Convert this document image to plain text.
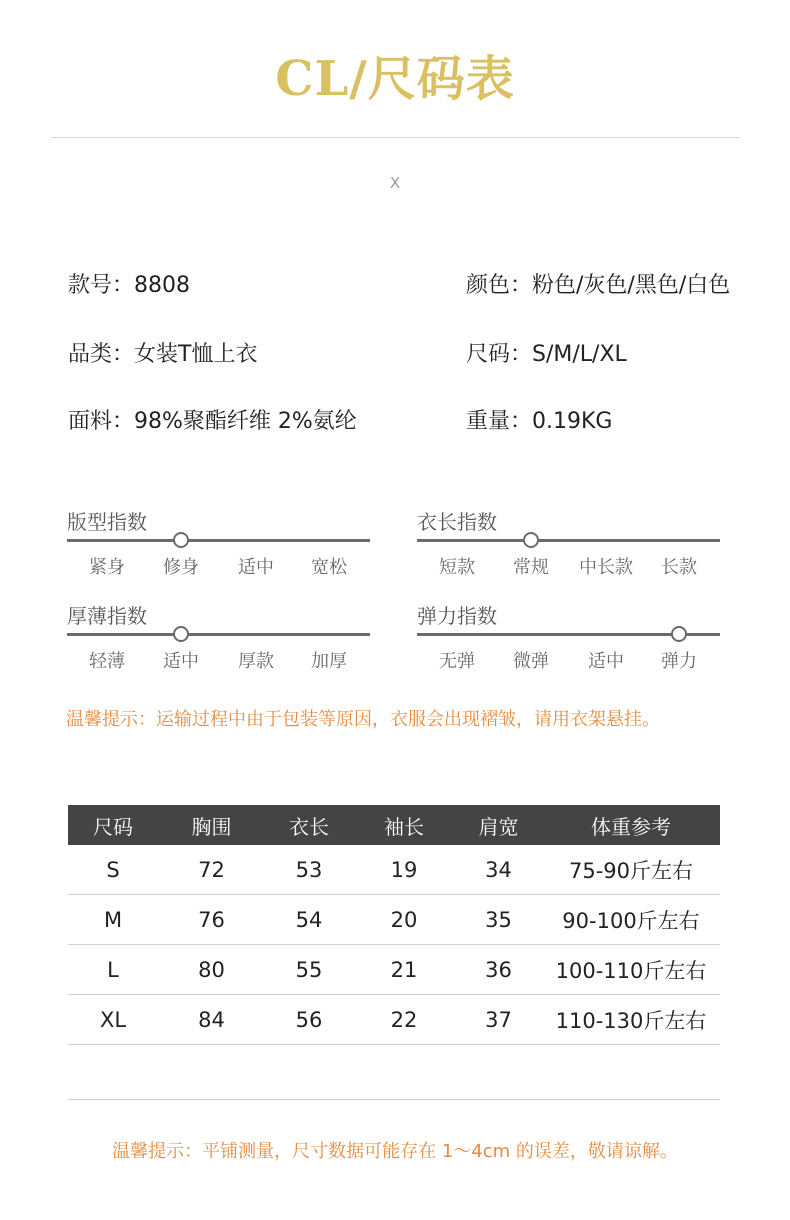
CL/尺码表
X
款号：8808	颜色：粉色/灰色/黑色/白色
品类：女装T恤上衣	尺码：S/M/L/XL
面料：98%聚酯纤维 2%氨纶	重量：0.19KG
版型指数
紧身	修身	适中	宽松
衣长指数
短款	常规	中长款	长款
厚薄指数
轻薄	适中	厚款	加厚
弹力指数
无弹	微弹	适中	弹力
温馨提示：运输过程中由于包装等原因，衣服会出现褶皱，请用衣架悬挂。
尺码	胸围	衣长	袖长	肩宽	体重参考
S	72	53	19	34	75-90斤左右
M	76	54	20	35	90-100斤左右
L	80	55	21	36	100-110斤左右
XL	84	56	22	37	110-130斤左右
温馨提示：平铺测量，尺寸数据可能存在 1～4cm 的误差，敬请谅解。
